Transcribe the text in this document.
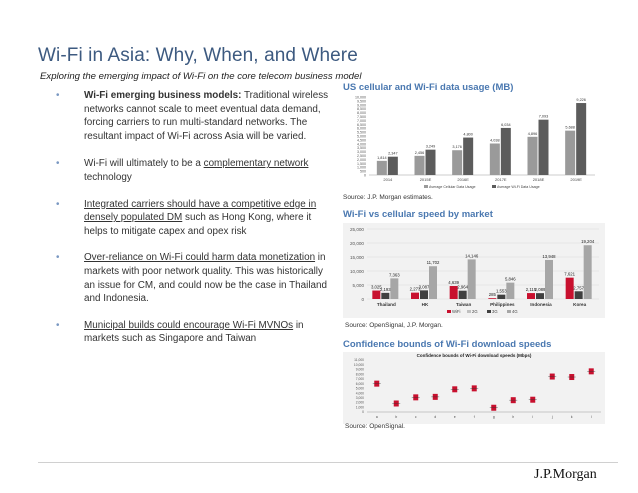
Wi-Fi in Asia: Why, When, and Where
Exploring the emerging impact of Wi-Fi on the core telecom business model
• Wi-Fi emerging business models: Traditional wireless networks cannot scale to meet eventual data demand, forcing carriers to run multi-standard networks. The resultant impact of Wi-Fi across Asia will be varied.
• Wi-Fi will ultimately to be a complementary network technology
• Integrated carriers should have a competitive edge in densely populated DM such as Hong Kong, where it helps to mitigate capex and opex risk
• Over-reliance on Wi-Fi could harm data monetization in markets with poor network quality. This was historically an issue for CM, and could now be the case in Thailand and Indonesia.
• Municipal builds could encourage Wi-Fi MVNOs in markets such as Singapore and Taiwan
US cellular and Wi-Fi data usage (MB)
0
500
1,000
1,500
2,000
2,500
3,000
3,500
4,000
4,500
5,000
5,500
6,000
6,500
7,000
7,500
8,000
8,500
9,000
9,500
10,000
1,814
2,347
2014
2,456
3,249
2015E
3,176
4,800
2016E
4,038
6,034
2017E
4,896
7,093
2018E
5,688
9,226
2019E
Average Cellular Data Usage	Average Wi-Fi Data Usage
Source: J.P. Morgan estimates.
Wi-Fi vs cellular speed by market
0
5,000
10,000
15,000
20,000
25,000
3,025
2,193
7,363
Thailand
2,273
3,087
11,702
HK
4,639
2,964
14,146
Taiwan
285
1,553
5,846
Philippines
2,115
2,089
13,948
Indonesia
7,621
2,757
19,204
Korea
WiFi	2G	3G	4G
Source: OpenSignal, J.P. Morgan.
Confidence bounds of Wi-Fi download speeds
Confidence bounds of Wi-Fi download speeds (Mbps)
0
1,000
2,000
3,000
4,000
5,000
6,000
7,000
8,000
9,000
10,000
11,000
a	b	c	d	e	f	g	h	i	j	k	l
Source: OpenSignal.
J.P.Morgan
